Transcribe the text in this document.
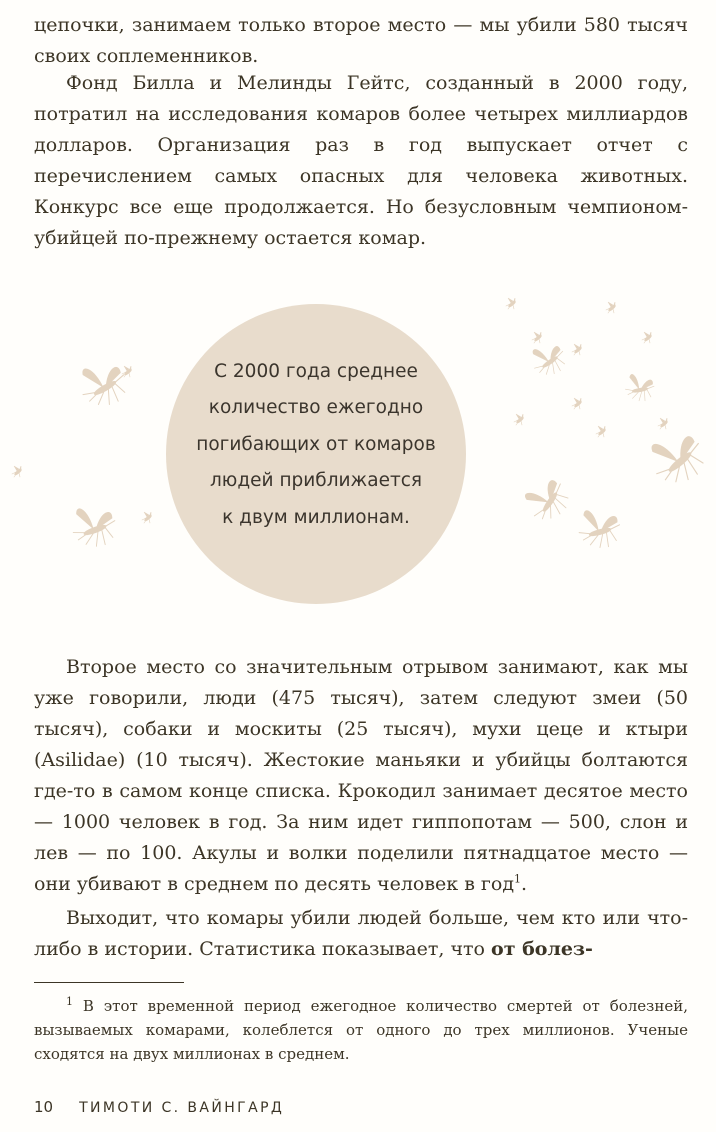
цепочки, занимаем только второе место — мы убили 580 тысяч своих соплеменников.

Фонд Билла и Мелинды Гейтс, созданный в 2000 году, потратил на исследования комаров более четырех миллиардов долларов. Организация раз в год выпускает отчет с перечислением самых опасных для человека животных. Конкурс все еще продолжается. Но безусловным чемпионом-убийцей по-прежнему остается комар.

С 2000 года среднее
количество ежегодно
погибающих от комаров
людей приближается
к двум миллионам.

Второе место со значительным отрывом занимают, как мы уже говорили, люди (475 тысяч), затем следуют змеи (50 тысяч), собаки и москиты (25 тысяч), мухи цеце и ктыри (Asilidae) (10 тысяч). Жестокие маньяки и убийцы болтаются где-то в самом конце списка. Крокодил занимает десятое место — 1000 человек в год. За ним идет гиппопотам — 500, слон и лев — по 100. Акулы и волки поделили пятнадцатое место — они убивают в среднем по десять человек в год$^1$.

Выходит, что комары убили людей больше, чем кто или что-либо в истории. Статистика показывает, что от болез-

$^1$ В этот временной период ежегодное количество смертей от болезней, вызываемых комарами, колеблется от одного до трех миллионов. Ученые сходятся на двух миллионах в среднем.

10 ТИМОТИ С. ВАЙНГАРД
